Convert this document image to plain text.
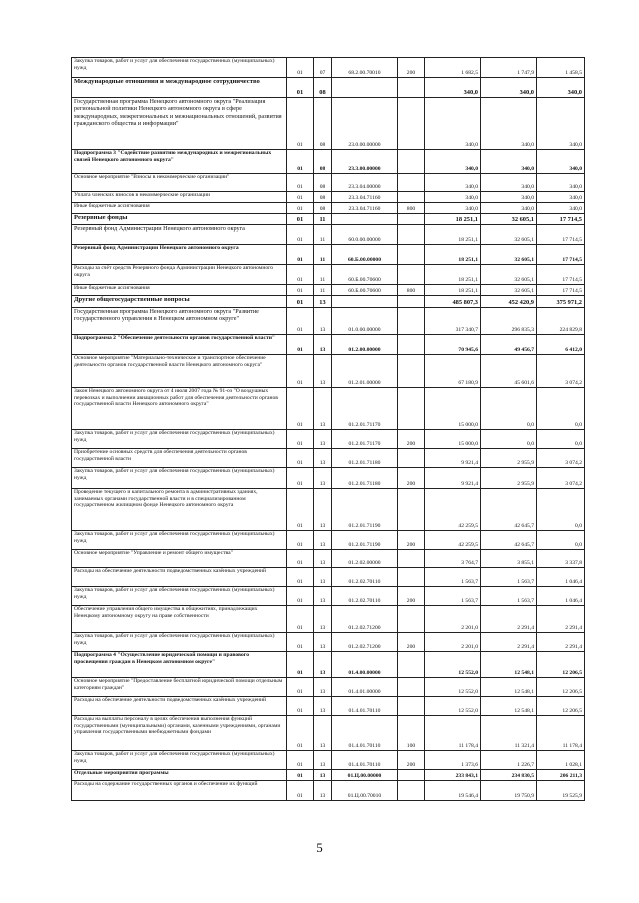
Закупка товаров, работ и услуг для обеспечения государственных (муниципальных) нужд	01	07	68.2.00.70010	200	1 682,5	1 747,9	1 458,5
Международные отношения и международное сотрудничество	01	08			340,0	340,0	340,0
Государственная программа Ненецкого автономного округа "Реализация региональной политики Ненецкого автономного округа в сфере международных, межрегиональных и межнациональных отношений, развития гражданского общества и информации"	01	08	23.0.00.00000		340,0	340,0	340,0
Подпрограмма 3 "Содействие развитию международных и межрегиональных связей Ненецкого автономного округа"	01	08	23.3.00.00000		340,0	340,0	340,0
Основное мероприятие "Взносы в некоммерческие организации"	01	08	23.3.04.00000		340,0	340,0	340,0
Уплата членских взносов в некоммерческие организации	01	08	23.3.04.71160		340,0	340,0	340,0
Иные бюджетные ассигнования	01	08	23.3.04.71160	800	340,0	340,0	340,0
Резервные фонды	01	11			18 251,1	32 605,1	17 714,5
Резервный фонд Администрации Ненецкого автономного округа	01	11	60.0.00.00000		18 251,1	32 605,1	17 714,5
Резервный фонд Администрации Ненецкого автономного округа	01	11	60.Б.00.00000		18 251,1	32 605,1	17 714,5
Расходы за счёт средств Резервного фонда Администрации Ненецкого автономного округа	01	11	60.Б.00.70600		18 251,1	32 605,1	17 714,5
Иные бюджетные ассигнования	01	11	60.Б.00.70600	800	18 251,1	32 605,1	17 714,5
Другие общегосударственные вопросы	01	13			485 807,3	452 420,9	375 971,2
Государственная программа Ненецкого автономного округа "Развитие государственного управления в Ненецком автономном округе"	01	13	01.0.00.00000		317 340,7	296 835,3	224 829,8
Подпрограмма 2 "Обеспечение деятельности органов государственной власти"	01	13	01.2.00.00000		70 945,6	49 456,7	6 412,0
Основное мероприятие "Материально-техническое и транспортное обеспечение деятельности органов государственной власти Ненецкого автономного округа"	01	13	01.2.01.00000		67 180,9	45 601,6	3 074,2
Закон Ненецкого автономного округа от 4 июля 2007 года № 91-оз "О воздушных перевозках и выполнении авиационных работ для обеспечения деятельности органов государственной власти Ненецкого автономного округа"	01	13	01.2.01.71170		15 000,0	0,0	0,0
Закупка товаров, работ и услуг для обеспечения государственных (муниципальных) нужд	01	13	01.2.01.71170	200	15 000,0	0,0	0,0
Приобретение основных средств для обеспечения деятельности органов государственной власти	01	13	01.2.01.71180		9 921,4	2 955,9	3 074,2
Закупка товаров, работ и услуг для обеспечения государственных (муниципальных) нужд	01	13	01.2.01.71180	200	9 921,4	2 955,9	3 074,2
Проведение текущего и капитального ремонта в административных зданиях, занимаемых органами государственной власти и в специализированном государственном жилищном фонде Ненецкого автономного округа	01	13	01.2.01.71190		42 259,5	42 645,7	0,0
Закупка товаров, работ и услуг для обеспечения государственных (муниципальных) нужд	01	13	01.2.01.71190	200	42 259,5	42 645,7	0,0
Основное мероприятие "Управление и ремонт общего имущества"	01	13	01.2.02.00000		3 764,7	3 855,1	3 337,8
Расходы на обеспечение деятельности подведомственных казённых учреждений	01	13	01.2.02.70110		1 563,7	1 563,7	1 046,4
Закупка товаров, работ и услуг для обеспечения государственных (муниципальных) нужд	01	13	01.2.02.70110	200	1 563,7	1 563,7	1 046,4
Обеспечение управления общего имущества в общежитиях, принадлежащих Ненецкому автономному округу на праве собственности	01	13	01.2.02.71200		2 201,0	2 291,4	2 291,4
Закупка товаров, работ и услуг для обеспечения государственных (муниципальных) нужд	01	13	01.2.02.71200	200	2 201,0	2 291,4	2 291,4
Подпрограмма 4 "Осуществление юридической помощи и правового просвещения граждан в Ненецком автономном округе"	01	13	01.4.00.00000		12 552,0	12 548,1	12 206,5
Основное мероприятие "Предоставление бесплатной юридической помощи отдельным категориям граждан"	01	13	01.4.01.00000		12 552,0	12 548,1	12 206,5
Расходы на обеспечение деятельности подведомственных казённых учреждений	01	13	01.4.01.70110		12 552,0	12 548,1	12 206,5
Расходы на выплаты персоналу в целях обеспечения выполнения функций государственными (муниципальными) органами, казенными учреждениями, органами управления государственными внебюджетными фондами	01	13	01.4.01.70110	100	11 178,4	11 321,4	11 178,4
Закупка товаров, работ и услуг для обеспечения государственных (муниципальных) нужд	01	13	01.4.01.70110	200	1 373,6	1 226,7	1 028,1
Отдельные мероприятия программы	01	13	01.Ц.00.00000		233 843,1	234 830,5	206 211,3
Расходы на содержание государственных органов и обеспечение их функций	01	13	01.Ц.00.70010		19 546,4	19 750,9	19 525,9
5
